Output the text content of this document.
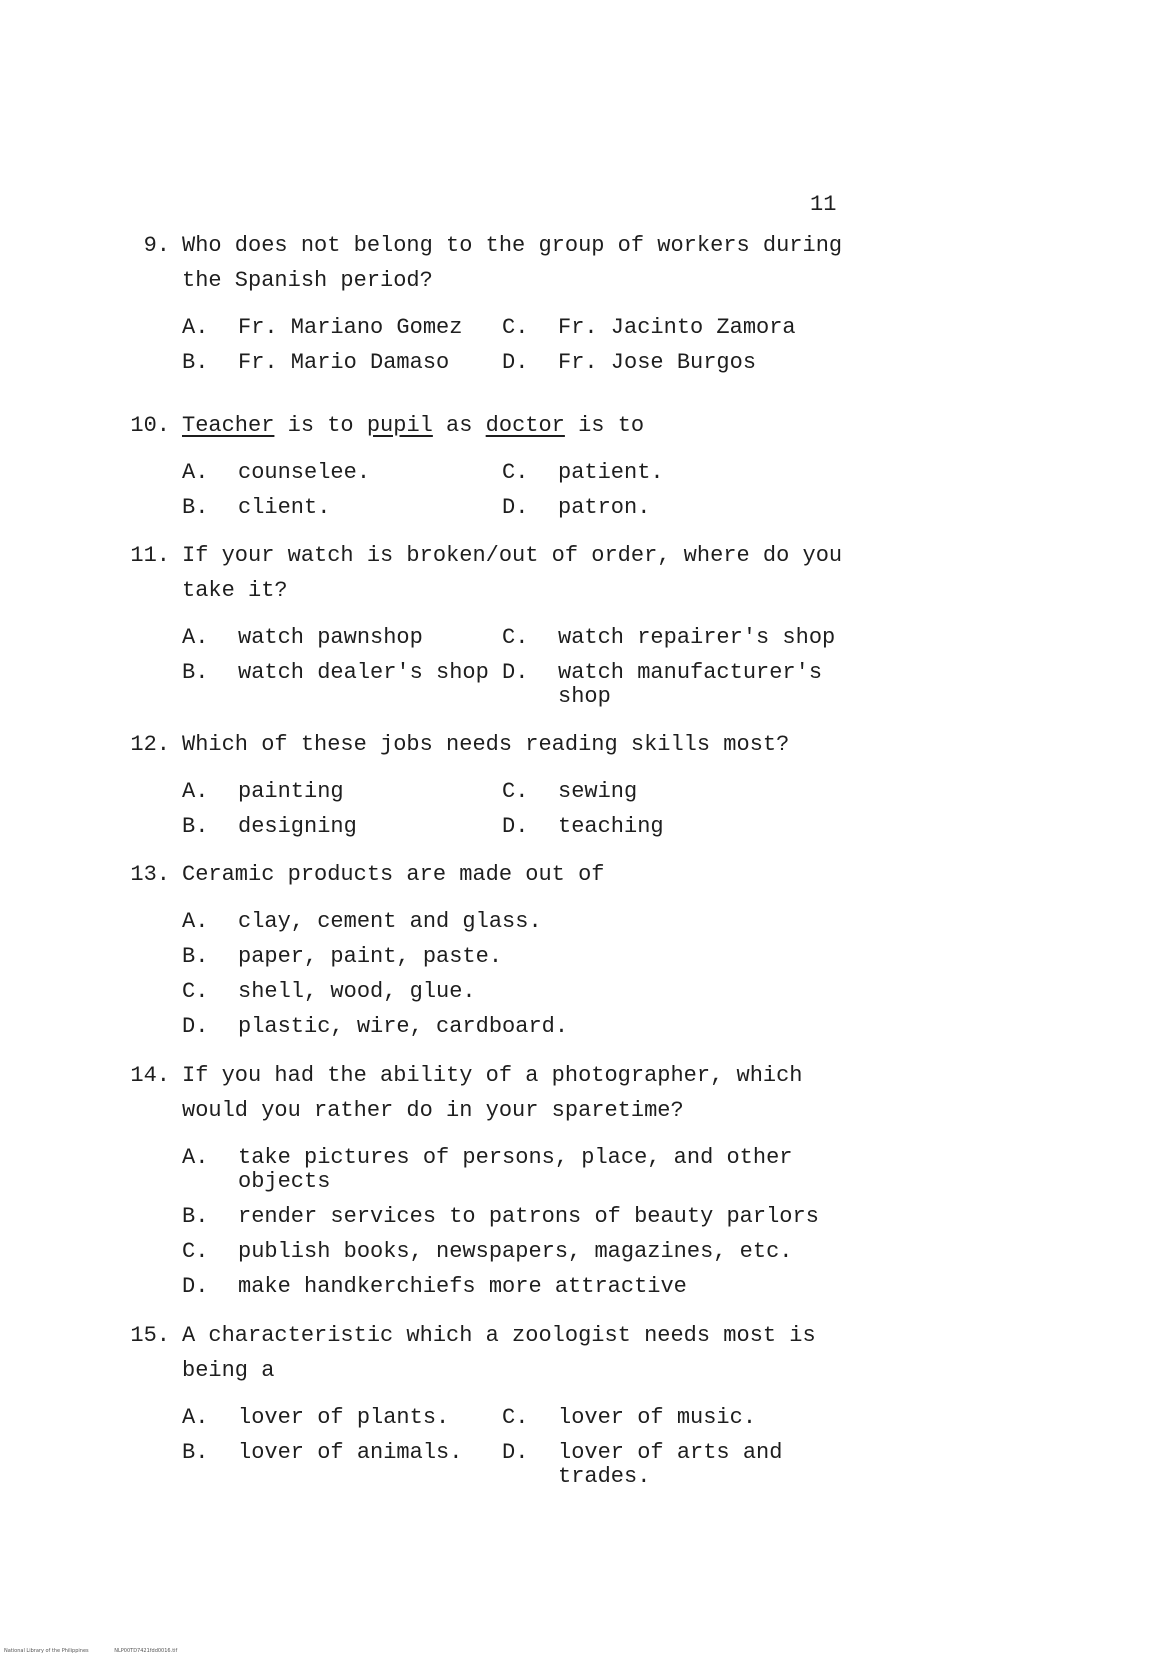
11
9. Who does not belong to the group of workers during the Spanish period?
A.	Fr. Mariano Gomez	C.	Fr. Jacinto Zamora
B.	Fr. Mario Damaso	D.	Fr. Jose Burgos
10. Teacher is to pupil as doctor is to
A.	counselee.	C.	patient.
B.	client.	D.	patron.
11. If your watch is broken/out of order, where do you take it?
A.	watch pawnshop	C.	watch repairer's shop
B.	watch dealer's shop D.	watch manufacturer's shop
12. Which of these jobs needs reading skills most?
A.	painting	C.	sewing
B.	designing	D.	teaching
13. Ceramic products are made out of
A.	clay, cement and glass.
B.	paper, paint, paste.
C.	shell, wood, glue.
D.	plastic, wire, cardboard.
14. If you had the ability of a photographer, which would you rather do in your sparetime?
A.	take pictures of persons, place, and other objects
B.	render services to patrons of beauty parlors
C.	publish books, newspapers, magazines, etc.
D.	make handkerchiefs more attractive
15. A characteristic which a zoologist needs most is being a
A.	lover of plants.	C.	lover of music.
B.	lover of animals.	D.	lover of arts and trades.
National Library of the Philippines	NLP00TD7421fdd0016.tif
